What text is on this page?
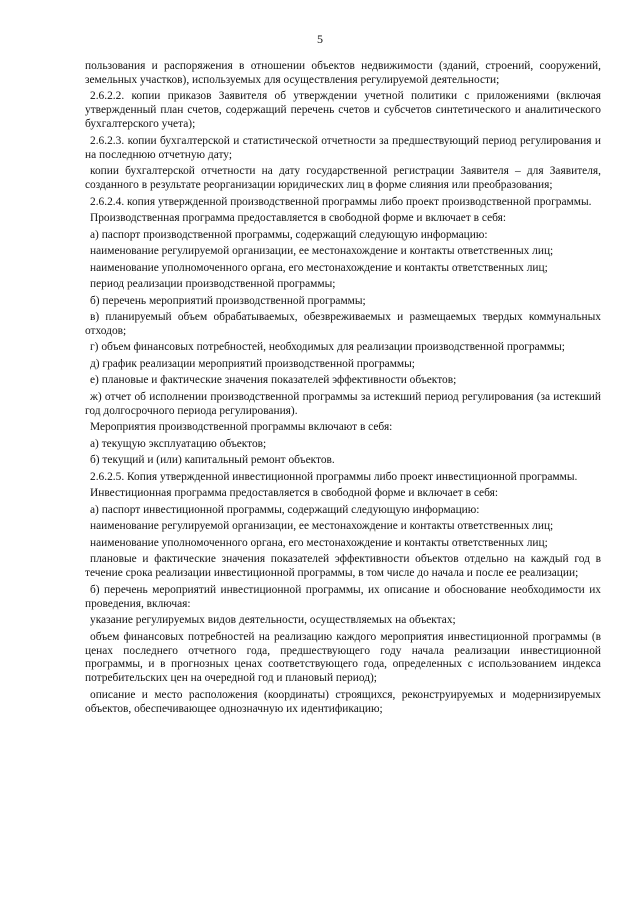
5

пользования и распоряжения в отношении объектов недвижимости (зданий, строений, сооружений, земельных участков), используемых для осуществления регулируемой деятельности;

2.6.2.2. копии приказов Заявителя об утверждении учетной политики с приложениями (включая утвержденный план счетов, содержащий перечень счетов и субсчетов синтетического и аналитического бухгалтерского учета);

2.6.2.3. копии бухгалтерской и статистической отчетности за предшествующий период регулирования и на последнюю отчетную дату;

копии бухгалтерской отчетности на дату государственной регистрации Заявителя – для Заявителя, созданного в результате реорганизации юридических лиц в форме слияния или преобразования;

2.6.2.4. копия утвержденной производственной программы либо проект производственной программы.

Производственная программа предоставляется в свободной форме и включает в себя:

а) паспорт производственной программы, содержащий следующую информацию:

наименование регулируемой организации, ее местонахождение и контакты ответственных лиц;

наименование уполномоченного органа, его местонахождение и контакты ответственных лиц;

период реализации производственной программы;

б) перечень мероприятий производственной программы;

в) планируемый объем обрабатываемых, обезвреживаемых и размещаемых твердых коммунальных отходов;

г) объем финансовых потребностей, необходимых для реализации производственной программы;

д) график реализации мероприятий производственной программы;

е) плановые и фактические значения показателей эффективности объектов;

ж) отчет об исполнении производственной программы за истекший период регулирования (за истекший год долгосрочного периода регулирования).

Мероприятия производственной программы включают в себя:

а) текущую эксплуатацию объектов;

б) текущий и (или) капитальный ремонт объектов.

2.6.2.5. Копия утвержденной инвестиционной программы либо проект инвестиционной программы.

Инвестиционная программа предоставляется в свободной форме и включает в себя:

а) паспорт инвестиционной программы, содержащий следующую информацию:

наименование регулируемой организации, ее местонахождение и контакты ответственных лиц;

наименование уполномоченного органа, его местонахождение и контакты ответственных лиц;

плановые и фактические значения показателей эффективности объектов отдельно на каждый год в течение срока реализации инвестиционной программы, в том числе до начала и после ее реализации;

б) перечень мероприятий инвестиционной программы, их описание и обоснование необходимости их проведения, включая:

указание регулируемых видов деятельности, осуществляемых на объектах;

объем финансовых потребностей на реализацию каждого мероприятия инвестиционной программы (в ценах последнего отчетного года, предшествующего году начала реализации инвестиционной программы, и в прогнозных ценах соответствующего года, определенных с использованием индекса потребительских цен на очередной год и плановый период);

описание и место расположения (координаты) строящихся, реконструируемых и модернизируемых объектов, обеспечивающее однозначную их идентификацию;
